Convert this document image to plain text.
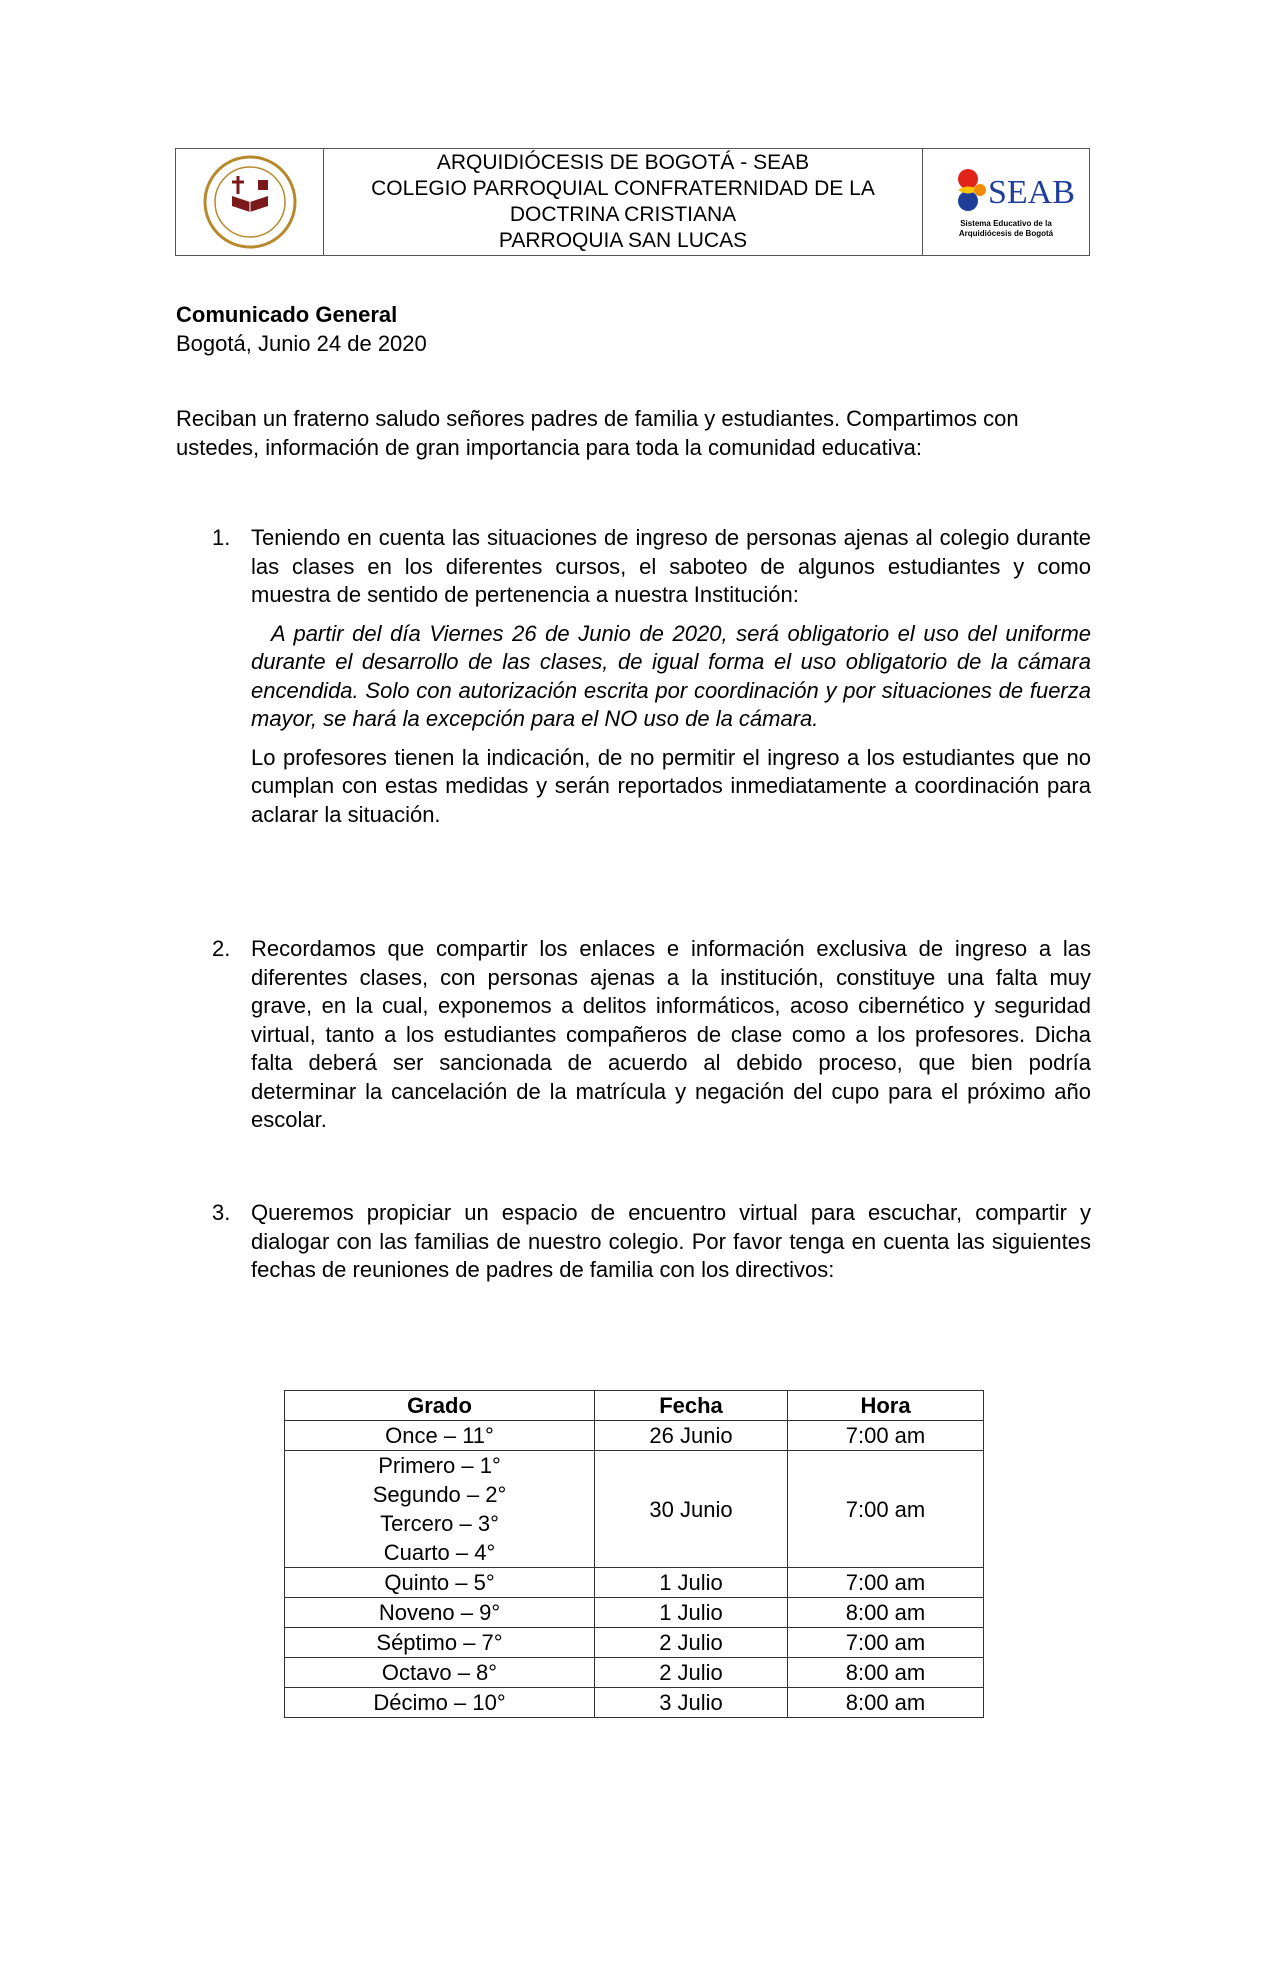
ARQUIDIÓCESIS DE BOGOTÁ - SEAB
COLEGIO PARROQUIAL CONFRATERNIDAD DE LA
DOCTRINA CRISTIANA
PARROQUIA SAN LUCAS
SEAB
Sistema Educativo de la
Arquidiócesis de Bogotá
Comunicado General
Bogotá, Junio 24 de 2020
Reciban un fraterno saludo señores padres de familia y estudiantes. Compartimos con ustedes, información de gran importancia para toda la comunidad educativa:
1. Teniendo en cuenta las situaciones de ingreso de personas ajenas al colegio durante las clases en los diferentes cursos, el saboteo de algunos estudiantes y como muestra de sentido de pertenencia a nuestra Institución:

A partir del día Viernes 26 de Junio de 2020, será obligatorio el uso del uniforme durante el desarrollo de las clases, de igual forma el uso obligatorio de la cámara encendida. Solo con autorización escrita por coordinación y por situaciones de fuerza mayor, se hará la excepción para el NO uso de la cámara.

Lo profesores tienen la indicación, de no permitir el ingreso a los estudiantes que no cumplan con estas medidas y serán reportados inmediatamente a coordinación para aclarar la situación.

2. Recordamos que compartir los enlaces e información exclusiva de ingreso a las diferentes clases, con personas ajenas a la institución, constituye una falta muy grave, en la cual, exponemos a delitos informáticos, acoso cibernético y seguridad virtual, tanto a los estudiantes compañeros de clase como a los profesores. Dicha falta deberá ser sancionada de acuerdo al debido proceso, que bien podría determinar la cancelación de la matrícula y negación del cupo para el próximo año escolar.

3. Queremos propiciar un espacio de encuentro virtual para escuchar, compartir y dialogar con las familias de nuestro colegio. Por favor tenga en cuenta las siguientes fechas de reuniones de padres de familia con los directivos:

Grado	Fecha	Hora
Once – 11°	26 Junio	7:00 am

Primero – 1°
Segundo – 2°
Tercero – 3°
Cuarto – 4°	30 Junio	7:00 am
Quinto – 5°	1 Julio	7:00 am
Noveno – 9°	1 Julio	8:00 am
Séptimo – 7°	2 Julio	7:00 am
Octavo – 8°	2 Julio	8:00 am
Décimo – 10°	3 Julio	8:00 am
